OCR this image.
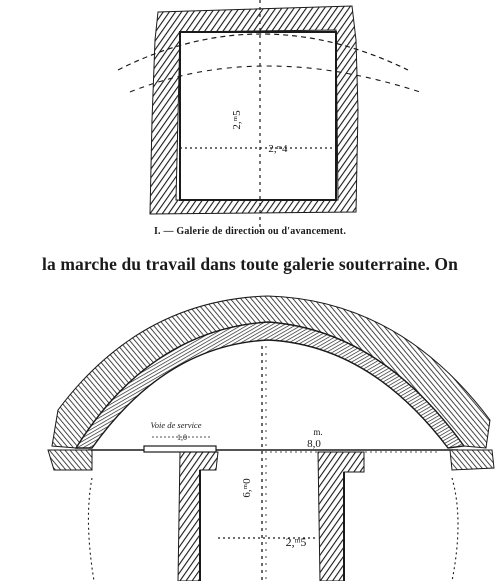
2,ᵐ5
2,ᵐ4
Voie de service
1,0
m.
8,0
6,ᵐ0
2,ᵐ5
I. — Galerie de direction ou d'avancement.
la marche du travail dans toute galerie souterraine. On
